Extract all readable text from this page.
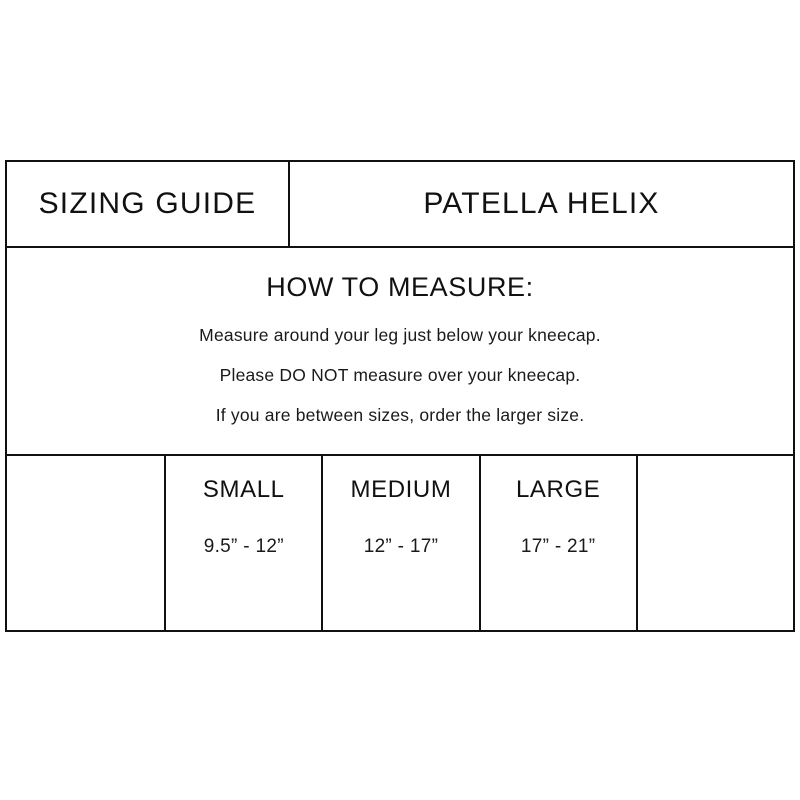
SIZING GUIDE	PATELLA HELIX
HOW TO MEASURE:

Measure around your leg just below your kneecap.

Please DO NOT measure over your kneecap.

If you are between sizes, order the larger size.

SMALL
9.5” - 12”
MEDIUM
12” - 17”
LARGE
17” - 21”
